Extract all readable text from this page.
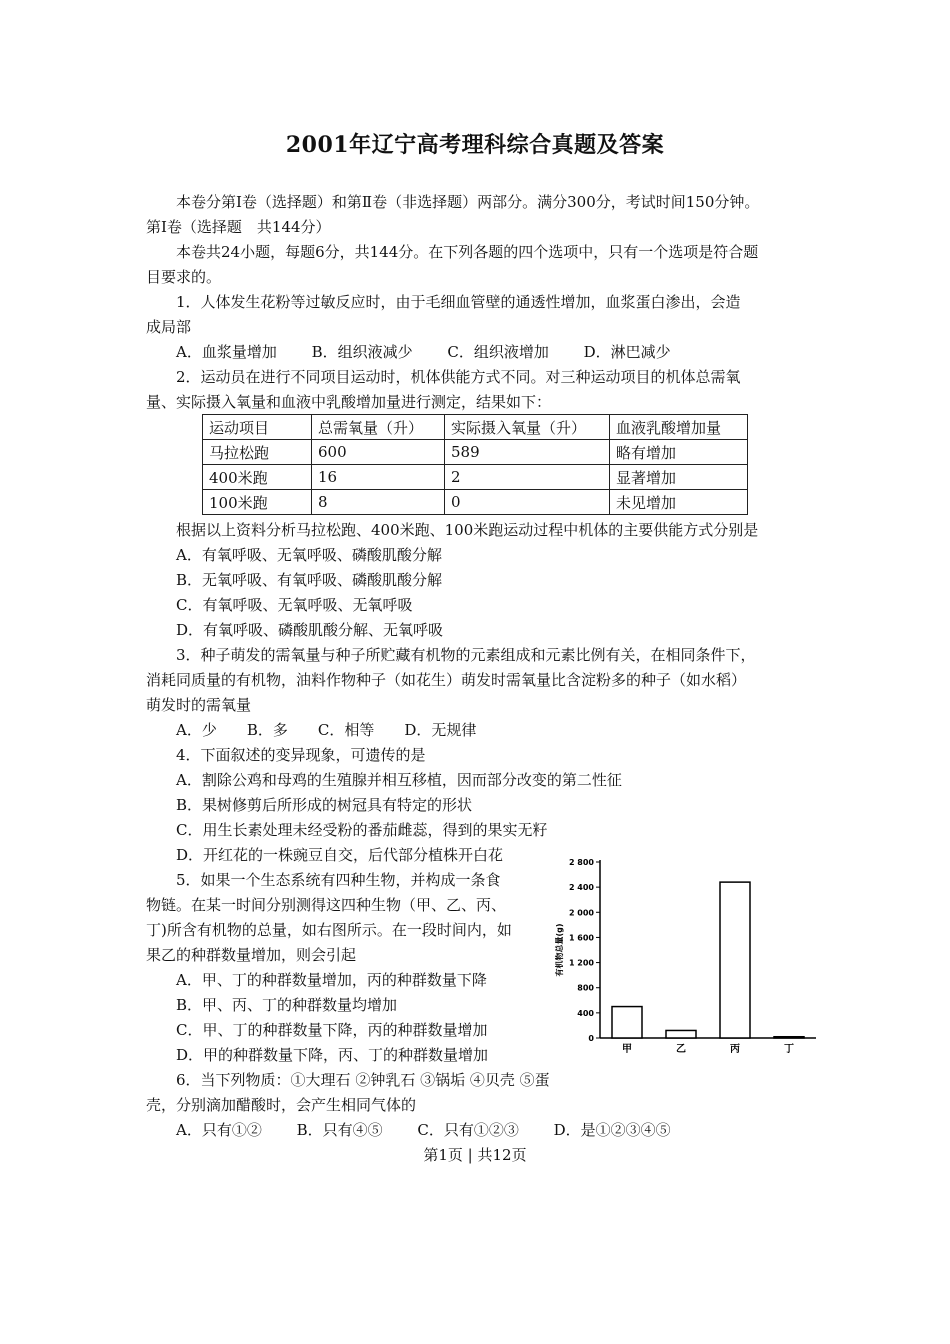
2001年辽宁高考理科综合真题及答案
本卷分第Ⅰ卷（选择题）和第Ⅱ卷（非选择题）两部分。满分300分，考试时间150分钟。
第Ⅰ卷（选择题　共144分）
本卷共24小题，每题6分，共144分。在下列各题的四个选项中，只有一个选项是符合题
目要求的。
1．人体发生花粉等过敏反应时，由于毛细血管壁的通透性增加，血浆蛋白渗出，会造
成局部
A．血浆量增加　　 B．组织液减少　　 C．组织液增加　　 D．淋巴减少
2．运动员在进行不同项目运动时，机体供能方式不同。对三种运动项目的机体总需氧
量、实际摄入氧量和血液中乳酸增加量进行测定，结果如下：
运动项目	总需氧量（升）	实际摄入氧量（升）	血液乳酸增加量
马拉松跑	600	589	略有增加
400米跑	16	2	显著增加
100米跑	8	0	未见增加
根据以上资料分析马拉松跑、400米跑、100米跑运动过程中机体的主要供能方式分别是
A．有氧呼吸、无氧呼吸、磷酸肌酸分解
B．无氧呼吸、有氧呼吸、磷酸肌酸分解
C．有氧呼吸、无氧呼吸、无氧呼吸
D．有氧呼吸、磷酸肌酸分解、无氧呼吸
3．种子萌发的需氧量与种子所贮藏有机物的元素组成和元素比例有关，在相同条件下，
消耗同质量的有机物，油料作物种子（如花生）萌发时需氧量比含淀粉多的种子（如水稻）
萌发时的需氧量
A．少　　B．多　　C．相等　　D．无规律
4．下面叙述的变异现象，可遗传的是
A．割除公鸡和母鸡的生殖腺并相互移植，因而部分改变的第二性征
B．果树修剪后所形成的树冠具有特定的形状
C．用生长素处理未经受粉的番茄雌蕊，得到的果实无籽
D．开红花的一株豌豆自交，后代部分植株开白花
5．如果一个生态系统有四种生物，并构成一条食
物链。在某一时间分别测得这四种生物（甲、乙、丙、
丁)所含有机物的总量，如右图所示。在一段时间内，如
果乙的种群数量增加，则会引起
A．甲、丁的种群数量增加，丙的种群数量下降
B．甲、丙、丁的种群数量均增加
C．甲、丁的种群数量下降，丙的种群数量增加
D．甲的种群数量下降，丙、丁的种群数量增加
0
400
800
1 200
1 600
2 000
2 400
2 800
有机物总量(g)
甲	乙	丙	丁
6．当下列物质：①大理石 ②钟乳石 ③锅垢 ④贝壳 ⑤蛋
壳，分别滴加醋酸时，会产生相同气体的
A．只有①②　　 B．只有④⑤　　 C．只有①②③　　 D．是①②③④⑤
第1页 | 共12页
